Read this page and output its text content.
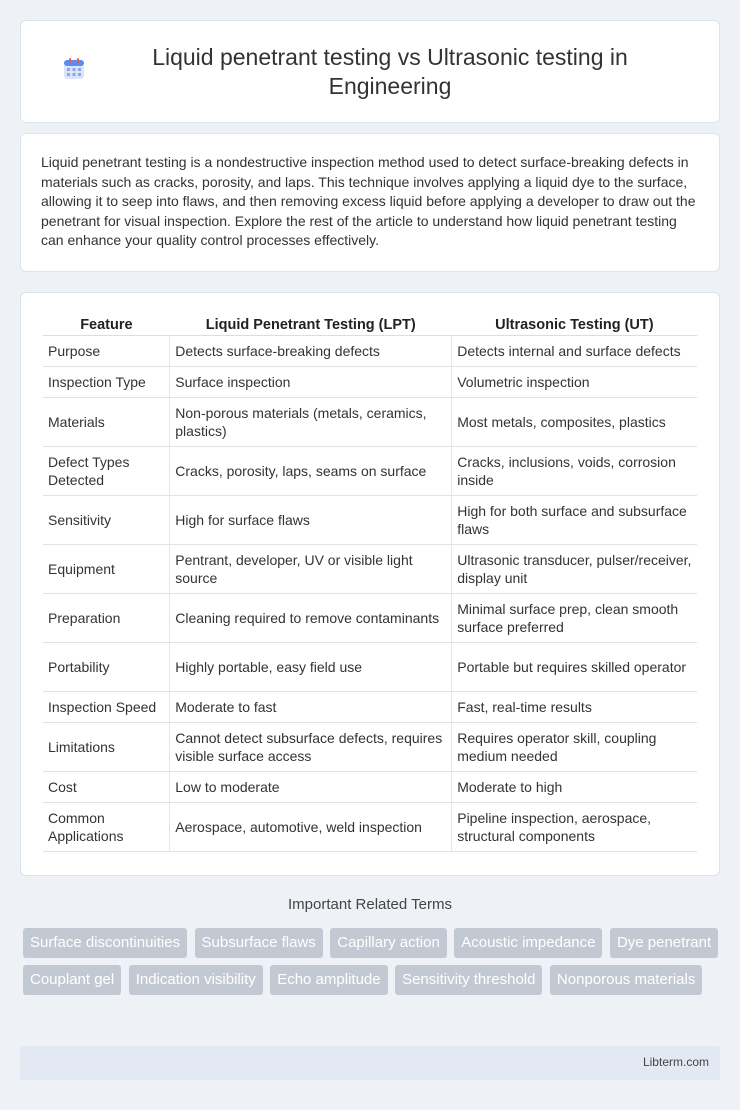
Liquid penetrant testing vs Ultrasonic testing in Engineering

Liquid penetrant testing is a nondestructive inspection method used to detect surface-breaking defects in materials such as cracks, porosity, and laps. This technique involves applying a liquid dye to the surface, allowing it to seep into flaws, and then removing excess liquid before applying a developer to draw out the penetrant for visual inspection. Explore the rest of the article to understand how liquid penetrant testing can enhance your quality control processes effectively.

Feature	Liquid Penetrant Testing (LPT)	Ultrasonic Testing (UT)
Purpose	Detects surface-breaking defects	Detects internal and surface defects
Inspection Type	Surface inspection	Volumetric inspection
Materials	Non-porous materials (metals, ceramics, plastics)	Most metals, composites, plastics
Defect Types Detected	Cracks, porosity, laps, seams on surface	Cracks, inclusions, voids, corrosion inside
Sensitivity	High for surface flaws	High for both surface and subsurface flaws
Equipment	Pentrant, developer, UV or visible light source	Ultrasonic transducer, pulser/receiver, display unit
Preparation	Cleaning required to remove contaminants	Minimal surface prep, clean smooth surface preferred
Portability	Highly portable, easy field use	Portable but requires skilled operator
Inspection Speed	Moderate to fast	Fast, real-time results
Limitations	Cannot detect subsurface defects, requires visible surface access	Requires operator skill, coupling medium needed
Cost	Low to moderate	Moderate to high
Common Applications	Aerospace, automotive, weld inspection	Pipeline inspection, aerospace, structural components
Important Related Terms
Surface discontinuities Subsurface flaws Capillary action Acoustic impedance Dye penetrant Couplant gel Indication visibility Echo amplitude Sensitivity threshold Nonporous materials
Libterm.com
